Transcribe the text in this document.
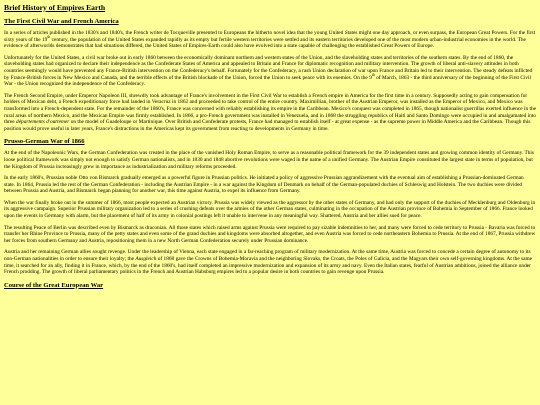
Brief History of Empires Earth
The First Civil War and French America

In a series of articles published in the 1830's and 1840's, the French writer de Tocqueville presented to Europeans the hitherto novel idea that the young United States might one day approach, or even surpass, the European Great Powers. For the first sixty years of the 19th century, the population of the United States expanded rapidly as its empty but fertile western territories were settled and its eastern territories developed one of the most modern urban-industrial economies in the world. The evidence of afterworlds demonstrates that had situations differed, the United States of Empires-Earth could also have evolved into a state capable of challenging the established Great Powers of Europe.

Unfortunately for the United States, a civil war broke out in early 1860 between the economically dominant northern and western states of the Union, and the slaveholding states and territories of the southern states. By the end of 1860, the slaveholding states had organized to declare their independence as the Confederate States of America and appealed to Britain and France for diplomatic recognition and military intervention. The growth of liberal anti-slavery attitudes in both countries seemingly would have prevented any France-British intervention on the Confederacy's behalf. Fortunately for the Confederacy, a rash Union declaration of war upon France and Britain led to their intervention. The steady defeats inflicted by France-British forces in New Mexico and Canada, and the terrible effects of the British blockade of the Union, forced the Union to seek peace with its enemies. On the 9th of March, 1863 - the third anniversary of the beginning of the First Civil War - the Union recognized the independence of the Confederacy.

The French Second Empire, under Emperor Napoleon III, shrewdly took advantage of France's involvement in the First Civil War to establish a French empire in America for the first time in a century. Supposedly acting to gain compensation for holders of Mexican debt, a French expeditionary force had landed in Veracruz in 1862 and proceeded to take control of the entire country. Maximillian, brother of the Austrian Emperor, was installed as the Emperor of Mexico, and Mexico was transformed into a French-dependent state. For the remainder of the 1860's, France was concerned with reliably establishing its empire in the Caribbean. Mexico's conquest was completed in 1865, though nationalist guerrillas exerted influence in the rural areas of northern Mexico, and the Mexican Empire was firmly established. In 1866, a pro-French government was installed in Venezuela, and in 1868 the struggling republics of Haiti and Santo Domingo were occupied in and amalgamated into three départements d'outremer on the model of Guadeloupe or Martinique. Over British and Confederate protests, France had managed to establish itself - at great expense - as the supreme power in Middle America and the Caribbean. Though this position would prove useful in later years, France's distractions in the Americas kept its government from reacting to developments in Germany in time.

Prusso-German War of 1866

At the end of the Napoleonic Wars, the German Confederation was created in the place of the vanished Holy Roman Empire, to serve as a reasonable political framework for the 39 independent states and growing common identity of Germany. This loose political framework was simply not enough to satisfy German nationalists, and in 1830 and 1848 abortive revolutions were waged in the name of a unified Germany. The Austrian Empire constituted the largest state in terms of population, but the Kingdom of Prussia increasingly grew in importance as industrialization and military reforms proceeded.

In the early 1860's, Prussian noble Otto von Bismarck gradually emerged as a powerful figure in Prussian politics. He initiated a policy of aggressive Prussian aggrandizement with the eventual aim of establishing a Prussian-dominated German state. In 1864, Prussia led the rest of the German Confederation - including the Austrian Empire - in a war against the Kingdom of Denmark on behalf of the German-populated duchies of Schleswig and Holstein. The two duchies were divided between Prussia and Austria, and Bismarck began planning for another war, this time against Austria, to expel its influence from Germany.

When the war finally broke out in the summer of 1866, most people expected an Austrian victory. Prussia was widely viewed as the aggressor by the other states of Germany, and had only the support of the duchies of Mecklenburg and Oldenburg in its aggressive campaign. Superior Prussian military organization led to a series of crushing defeats over the armies of the other German states, culminating in the occupation of the Austrian province of Bohemia in September of 1866. France looked upon the events in Germany with alarm, but the placement of half of its army in colonial postings left it unable to intervene in any meaningful way. Shattered, Austria and her allies sued for peace.

The resulting Peace of Berlin was described even by Bismarck as draconian. All those states which raised arms against Prussia were required to pay sizable indemnities to her, and many were forced to cede territory to Prussia - Bavaria was forced to transfer her Rhine Province to Prussia, many of the petty states and even some of the grand duchies and kingdoms were absorbed altogether, and even Austria was forced to cede northeastern Bohemia to Prussia. At the end of 1867, Prussia withdrew her forces from southern Germany and Austria, repositioning them in a new North German Confederation securely under Prussian dominance.

Austria and her remaining German allies sought revenge. Under the leadership of Vienna, each state engaged in a far-reaching program of military modernization. At the same time, Austria was forced to concede a certain degree of autonomy to its non-German nationalities in order to ensure their loyalty; the Ausgleich of 1868 gave the Crowns of Bohemia-Moravia and the neighboring Slovaks, the Croats, the Poles of Galicia, and the Magyars their own self-governing kingdoms. At the same time, it searched for an ally, finding it in France, which, by the end of the 1860's, had itself completed an impressive modernization and expansion of its army and navy. Even the Italian states, fearful of Austrian ambitions, joined the alliance under French prodding. The growth of liberal parliamentary politics in the French and Austrian Habsburg empires led to a popular desire in both countries to gain revenge upon Prussia.

Course of the Great European War
